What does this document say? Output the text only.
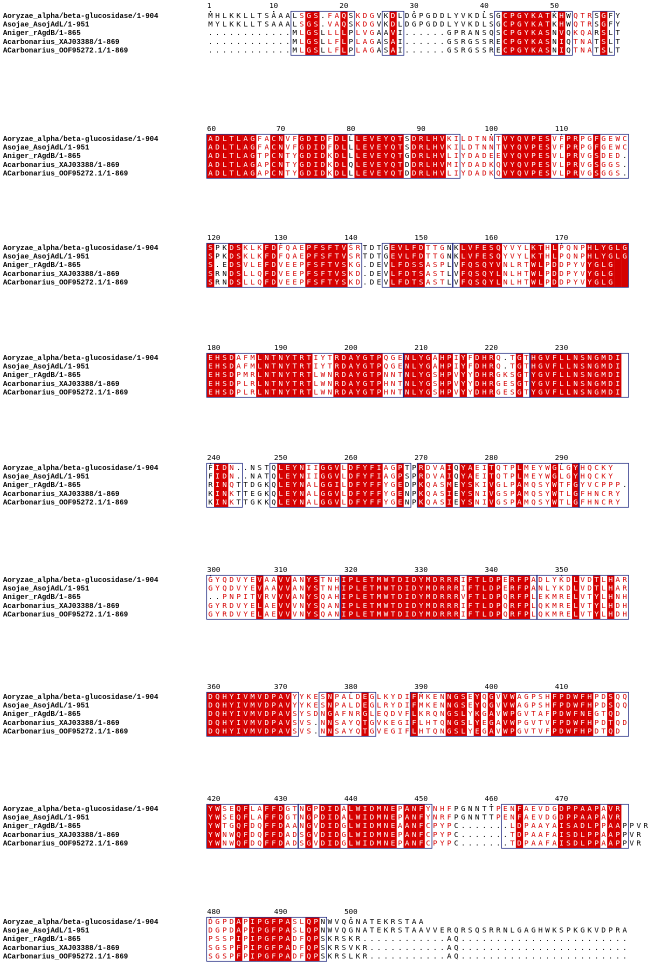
1	10	20	30	40	50
Aoryzae_alpha/beta-glucosidase/1-904	M H L K K L L T S A A A L S G S . F A Q S K D G V K D L D G P G D D L Y V K D L S G C P G Y K A T K H W Q T R S G F Y
Asojae_AsojAdL/1-951	M Y L K K L L T S A A A L S G S . V A Q S K D G V K D L D G P G D D L Y V K D L S G C P G Y K A T K H W Q T R S G F Y
Aniger_rAgdB/1-865	. . . . . . . . . . . . M L G S L L L L P L V G A A V I . . . . . . G P R A N S Q S C P G Y K A S N V Q K Q A R S L T
Acarbonarius_XAJ03388/1-869	. . . . . . . . . . . . M L G S L L F L P L A G A S A I . . . . . . G S R G S S R E C P G Y K A S N I Q T N A T S L T
ACarbonarius_OOF95272.1/1-869	. . . . . . . . . . . . M L G S L L F L P L A G A S A I . . . . . . G S R G S S R E C P G Y K A S N I Q T N A T S L T
60	70	80	90	100	110
Aoryzae_alpha/beta-glucosidase/1-904	A D L T L A G F A C N V F G D I D F D L L L E V E Y Q T S D R L H V K I L D T N N T V Y Q V P E S V F P R P G F G E W C
Asojae_AsojAdL/1-951	A D L T L A G F A C N V F G D I D F D L L L E V E Y Q T S D R L H V K I L D T N N T V Y Q V P E S V F P R P G F G E W C
Aniger_rAgdB/1-865	A D L T L A G T P C N T Y G D I D K D L L L E V E Y Q T G D R L H V L I Y D A D E E V Y Q V P E S V L P R V G S D E D .
Acarbonarius_XAJ03388/1-869	A D L T L A G A P C N T Y G D I D K D L Q L E V E Y Q T D D R L H V M I Y D A D K Q V Y Q V P E S V L P R V G S G G S .
ACarbonarius_OOF95272.1/1-869	A D L T L A G A P C N T Y G D I D K D L L L E V E Y Q T D D R L H V L I Y D A D K Q V Y Q V P E S V L P R V G S G G S .
120	130	140	150	160	170
Aoryzae_alpha/beta-glucosidase/1-904	S P K D S K L K F D F Q A E P F S F T V S R T D T G E V L F D T T G N K L V F E S Q Y V Y L K T H L P Q N P H L Y G L G
Asojae_AsojAdL/1-951	S P K D S K L K F D F Q A E P F S F T V S R T D T G E V L F D T T G N K L V F E S Q Y V Y L K T H L P Q N P H L Y G L G
Aniger_rAgdB/1-865	S . E D S V L E F D V E E P F S F T V S K G . D E V L F D S S A S P L V F Q S Q Y V N L R T W L P D D P Y V Y G L G
Acarbonarius_XAJ03388/1-869	S R N D S L L Q F D V E E P F S F T V S K D . D E V L F D T S A S T L V F Q S Q Y L N L H T W L P D D P Y V Y G L G
ACarbonarius_OOF95272.1/1-869	S R N D S L L Q F D V E E P F S F T Y S K D . D E V L F D T S A S T L V F Q S Q Y L N L H T W L P D D P Y V Y G L G
180	190	200	210	220	230
Aoryzae_alpha/beta-glucosidase/1-904	E H S D A F M L N T N Y T R T I Y T R D A Y G T P Q G E N L Y G A H P I Y F D H R Q . T G T H G V F L L N S N G M D I
Asojae_AsojAdL/1-951	E H S D A F M L N T N Y T R T I Y T R D A Y G T P Q G E N L Y G A H P I Y F D H R Q . T G T H G V F L L N S N G M D I
Aniger_rAgdB/1-865	E H S D P M R L N T N Y T R T L W N R D A Y G T P N N T N L Y G S H P V Y Y D H R G K S G T Y G V F L L N S N G M D I
Acarbonarius_XAJ03388/1-869	E H S D P L R L N T N Y T R T L W N R D A Y G T P H N T N L Y G S H P V Y Y D H R G E S G T Y G V F L L N S N G M D I
ACarbonarius_OOF95272.1/1-869	E H S D P L R L N T N Y T R T L W N R D A Y G T P H N T N L Y G S H P V Y Y D H R G E S G T Y G V F L L N S N G M D I
240	250	260	270	280	290
Aoryzae_alpha/beta-glucosidase/1-904	F I D N . . N S T Q L E Y N I I G G V L D F Y F I A G P T P R D V A I Q Y A E I T Q T P L M E Y W G L G Y H Q C K Y
Asojae_AsojAdL/1-951	F I D N . . N A T Q L E Y N I I G G V L D F Y F I A G P S P R D V A I Q Y A E I T Q T P L M E Y W G L G Y H Q C K Y
Aniger_rAgdB/1-865	R I N Q T T D G K Q L E Y N A L G G I L D F Y F F Y G E D P K Q A S M E Y S K I V G L P A M Q S Y W T F G Y V C P P P .
Acarbonarius_XAJ03388/1-869	K I N K T T E G K Q L E Y N A L G G V L D F Y F F Y G E N P K Q A S I E Y S N I V G S P A M Q S Y W T L G F H N C R Y
ACarbonarius_OOF95272.1/1-869	K I N K T T G K K Q L E Y N A L G G V L D F Y F F Y G E N P K Q A S I E Y S N I V G S P A M Q S Y W T L G F H N C R Y
300	310	320	330	340	350
Aoryzae_alpha/beta-glucosidase/1-904	G Y Q D V Y E V A A V V A N Y S T N H I P L E T M W T D I D Y M D R R R I F T L D P E R F P A D L Y K D L V D T L H A R
Asojae_AsojAdL/1-951	G Y Q D V Y E V A A V V A N Y S T N H I P L E T M W T D I D Y M D R R R I F T L D P E R F P A N L Y K D L V D T L H A R
Aniger_rAgdB/1-865	. . P N P I T V R V V V A N Y S Q A H I P L E T M W T D I D Y M D R R R V F T L D P Q R F P L E K M R E L V T Y L H N H
Acarbonarius_XAJ03388/1-869	G Y R D V Y E L A E V V V N Y S Q A N I P L E T M W T D I D Y M D R R R I F T L D P Q R F P L Q K M R E L V T Y L H D H
ACarbonarius_OOF95272.1/1-869	G Y R D V Y E L A E V V V N Y S Q A N I P L E T M W T D I D Y M D R R R I F T L D P Q R F P L Q K M R E L V T Y L H D H
360	370	380	390	400	410
Aoryzae_alpha/beta-glucosidase/1-904	D Q H Y I V M V D P A V Y Y K E S N P A L D E G L K Y D I F M K E N N G S E Y Q G V V W A G P S H F P D W F H P D S Q Q
Asojae_AsojAdL/1-951	D Q H Y I V M V D P A V Y Y K E S N P A L D E G L R Y D I F M K E N N G S E Y Q G V V W A G P S H F P D W F H P D S Q Q
Aniger_rAgdB/1-865	D Q H Y I V M V D P A V S Y S D N G A F N R G L E Q D V F L K R Q N G S L Y K G A V W P G V T A F P D W F N E G T Q D
Acarbonarius_XAJ03388/1-869	D Q H Y I V M V D P A V S V S . N N S A Y Q T G V K E G I F L H T Q N G S L Y E G A V W P G V T V F P D W F H P D T Q D
ACarbonarius_OOF95272.1/1-869	D Q H Y I V M V D P A V S V S . N N S A Y Q T G V E G I F L H T Q N G S L Y E G A V W P G V T V F P D W F H P D T Q D
420	430	440	450	460	470
Aoryzae_alpha/beta-glucosidase/1-904	Y W S E Q F L A F F D G T N G P D I D A L W I D M N E P A N F Y N H F P G N N T T P E N F A E V D G D P P A A P A V R
Asojae_AsojAdL/1-951	Y W S E Q F L A F F D G T N G P D I D A L W I D M N E P A N F Y N R F P G N N T T P E N F A E V D G D P P A A P A V R
Aniger_rAgdB/1-865	Y W T G Q F D Q F F D A A N G V D I D G L W I D M N E A A N F C P Y P C . . . . . . . L D P A A Y A I S A D L P P A A P P V R
Acarbonarius_XAJ03388/1-869	Y W N W Q F D Q F F D A D S G V D I D G L W I D M N E P A N F C P Y P C . . . . . . . T D P A A F A I S D L P P A A P P V R
ACarbonarius_OOF95272.1/1-869	Y W N W Q F D Q F F D A D S G V D I D G L W I D M N E P A N F C P Y P C . . . . . . . T D P A A F A I S D L P P A A P P V R
480	490	500
Aoryzae_alpha/beta-glucosidase/1-904	D G P D A P I P G F P A S L Q P N W V Q G N A T E K R S T A A
Asojae_AsojAdL/1-951	D G P D A P I P G F P A S L Q P N W V Q G N A T E K R S T A A V V E R Q R S Q S R R N L G A G H W K S P K G K V D P R A
Aniger_rAgdB/1-865	P S S P I P I P G F P A D F Q P S K R S K R . . . . . . . . . . . . A Q . . . . . . . . . . . . . . . . . . . . . . . .
Acarbonarius_XAJ03388/1-869	S G S P F P I P G F P A D F Q P S K R S V K R . . . . . . . . . . . A Q . . . . . . . . . . . . . . . . . . . . . . . .
ACarbonarius_OOF95272.1/1-869	S G S P F P I P G F P A D F Q P S K R S L K R . . . . . . . . . . . A Q . . . . . . . . . . . . . . . . . . . . . . . .
